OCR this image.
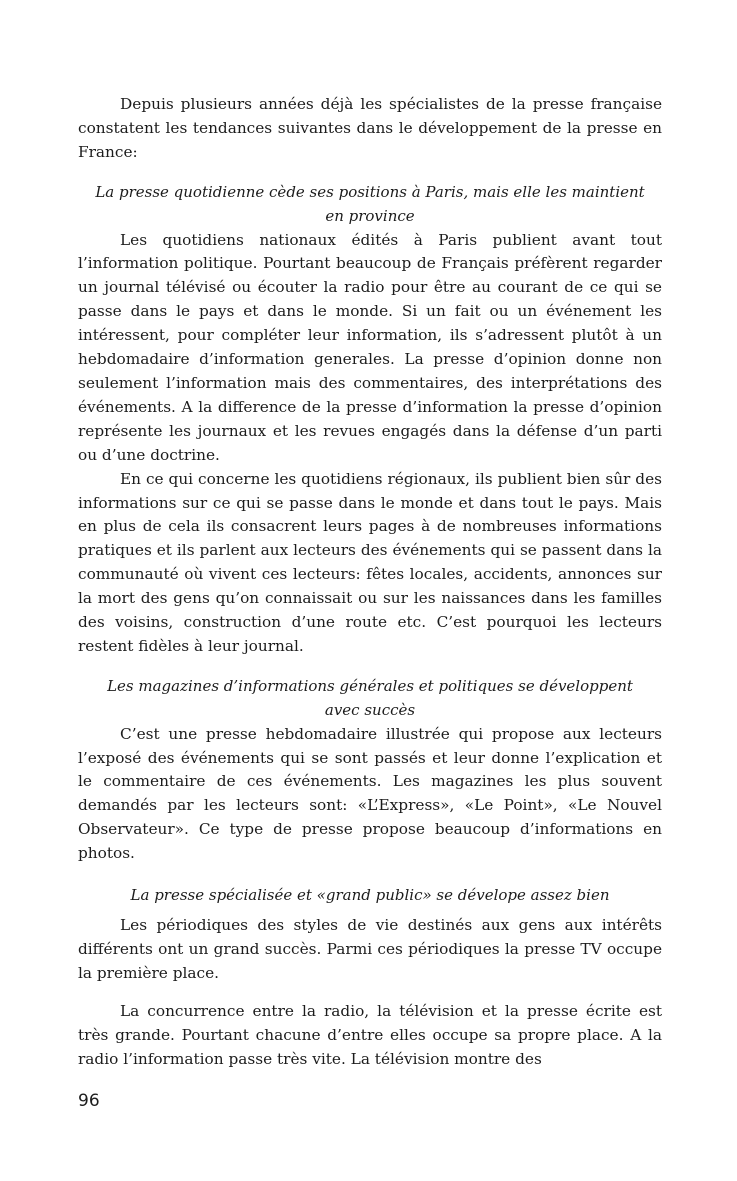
Depuis plusieurs années déjà les spécialistes de la presse française constatent les tendances suivantes dans le développement de la presse en France:

La presse quotidienne cède ses positions à Paris, mais elle les maintient en province

Les quotidiens nationaux édités à Paris publient avant tout l’information politique. Pourtant beaucoup de Français préfèrent regarder un journal télévisé ou écouter la radio pour être au courant de ce qui se passe dans le pays et dans le monde. Si un fait ou un événement les intéressent, pour compléter leur information, ils s’adressent plutôt à un hebdomadaire d’information generales. La presse d’opinion donne non seulement l’information mais des commentaires, des interprétations des événements. A la difference de la presse d’information la presse d’opinion représente les journaux et les revues engagés dans la défense d’un parti ou d’une doctrine.

En ce qui concerne les quotidiens régionaux, ils publient bien sûr des informations sur ce qui se passe dans le monde et dans tout le pays. Mais en plus de cela ils consacrent leurs pages à de nombreuses informations pratiques et ils parlent aux lecteurs des événements qui se passent dans la communauté où vivent ces lecteurs: fêtes locales, accidents, annonces sur la mort des gens qu’on connaissait ou sur les naissances dans les familles des voisins, construction d’une route etc. C’est pourquoi les lecteurs restent fidèles à leur journal.

Les magazines d’informations générales et politiques se développent avec succès

C’est une presse hebdomadaire illustrée qui propose aux lecteurs l’exposé des événements qui se sont passés et leur donne l’explication et le commentaire de ces événements. Les magazines les plus souvent demandés par les lecteurs sont: «L’Express», «Le Point», «Le Nouvel Observateur». Ce type de presse propose beaucoup d’informations en photos.

La presse spécialisée et «grand public» se dévelope assez bien

Les périodiques des styles de vie destinés aux gens aux intérêts différents ont un grand succès. Parmi ces périodiques la presse TV occupe la première place.

La concurrence entre la radio, la télévision et la presse écrite est très grande. Pourtant chacune d’entre elles occupe sa propre place. A la radio l’information passe très vite. La télévision montre des

96
